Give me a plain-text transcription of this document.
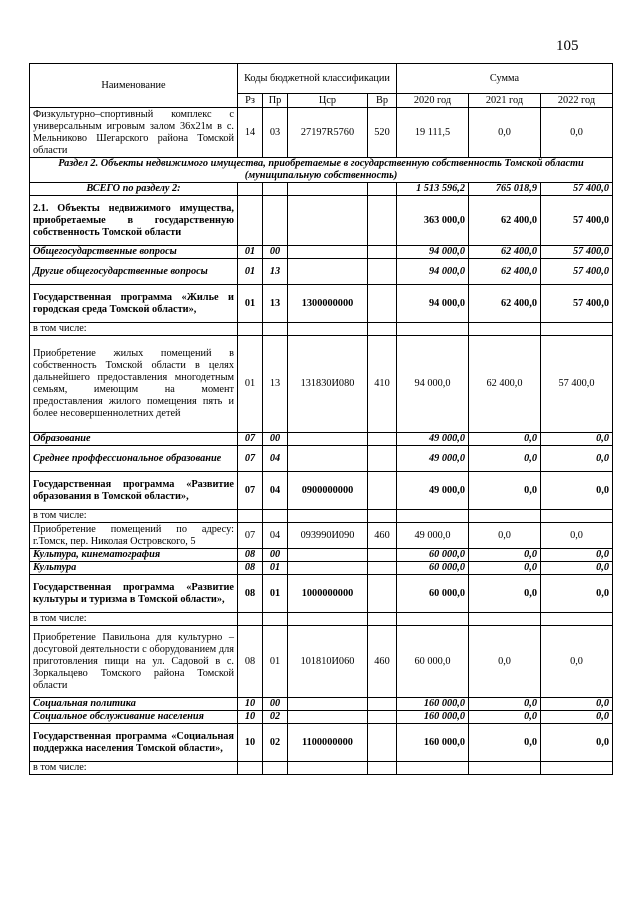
105
Наименование	Коды бюджетной классификации				Сумма		
	Рз	Пр	Цср	Вр	2020 год	2021 год	2022 год
Физкультурно–спортивный комплекс с универсальным игровым залом 36х21м в с. Мельниково Шегарского района Томской области	14	03	27197R5760	520	19 111,5	0,0	0,0
Раздел 2. Объекты недвижимого имущества, приобретаемые в государственную собственность Томской области (муниципальную собственность)							
ВСЕГО по разделу 2:					1 513 596,2	765 018,9	57 400,0
2.1. Объекты недвижимого имущества, приобретаемые в государственную собственность Томской области					363 000,0	62 400,0	57 400,0
Общегосударственные вопросы	01	00			94 000,0	62 400,0	57 400,0
Другие общегосударственные вопросы	01	13			94 000,0	62 400,0	57 400,0
Государственная программа «Жилье и городская среда Томской области»,	01	13	1300000000		94 000,0	62 400,0	57 400,0
в том числе:							
Приобретение жилых помещений в собственность Томской области в целях дальнейшего предоставления многодетным семьям, имеющим на момент предоставления жилого помещения пять и более несовершеннолетних детей	01	13	131830И080	410	94 000,0	62 400,0	57 400,0
Образование	07	00			49 000,0	0,0	0,0
Среднее проффессиональное образование	07	04			49 000,0	0,0	0,0
Государственная программа «Развитие образования в Томской области»,	07	04	0900000000		49 000,0	0,0	0,0
в том числе:							
Приобретение помещений по адресу: г.Томск, пер. Николая Островского, 5	07	04	093990И090	460	49 000,0	0,0	0,0
Культура, кинематография	08	00			60 000,0	0,0	0,0
Культура	08	01			60 000,0	0,0	0,0
Государственная программа «Развитие культуры и туризма в Томской области»,	08	01	1000000000		60 000,0	0,0	0,0
в том числе:							
Приобретение Павильона для культурно – досуговой деятельности с оборудованием для приготовления пищи на ул. Садовой в с. Зоркальцево Томского района Томской области	08	01	101810И060	460	60 000,0	0,0	0,0
Социальная политика	10	00			160 000,0	0,0	0,0
Социальное обслуживание населения	10	02			160 000,0	0,0	0,0
Государственная программа «Социальная поддержка населения Томской области»,	10	02	1100000000		160 000,0	0,0	0,0
в том числе:							
